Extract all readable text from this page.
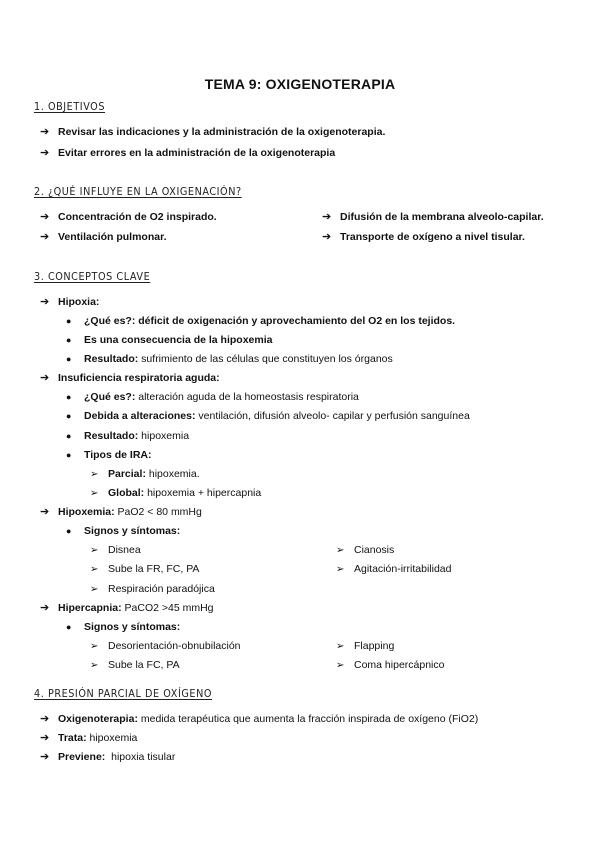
TEMA 9: OXIGENOTERAPIA
1. OBJETIVOS
➔ Revisar las indicaciones y la administración de la oxigenoterapia.
➔ Evitar errores en la administración de la oxigenoterapia
2. ¿QUÉ INFLUYE EN LA OXIGENACIÓN?
➔ Concentración de O2 inspirado.
➔ Ventilación pulmonar.
➔ Difusión de la membrana alveolo-capilar.
➔ Transporte de oxígeno a nivel tisular.
3. CONCEPTOS CLAVE
➔ Hipoxia:
● ¿Qué es?: déficit de oxigenación y aprovechamiento del O2 en los tejidos.
● Es una consecuencia de la hipoxemia
● Resultado: sufrimiento de las células que constituyen los órganos
➔ Insuficiencia respiratoria aguda:
● ¿Qué es?: alteración aguda de la homeostasis respiratoria
● Debida a alteraciones: ventilación, difusión alveolo- capilar y perfusión sanguínea
● Resultado: hipoxemia
● Tipos de IRA:
➢ Parcial: hipoxemia.
➢ Global: hipoxemia + hipercapnia
➔ Hipoxemia: PaO2 < 80 mmHg
● Signos y síntomas:
➢ Disnea
➢ Sube la FR, FC, PA
➢ Respiración paradójica
➢ Cianosis
➢ Agitación-irritabilidad
➔ Hipercapnia: PaCO2 >45 mmHg
● Signos y síntomas:
➢ Desorientación-obnubilación
➢ Sube la FC, PA
➢ Flapping
➢ Coma hipercápnico
4. PRESIÓN PARCIAL DE OXÍGENO
➔ Oxigenoterapia: medida terapéutica que aumenta la fracción inspirada de oxígeno (FiO2)
➔ Trata: hipoxemia
➔ Previene:  hipoxia tisular
